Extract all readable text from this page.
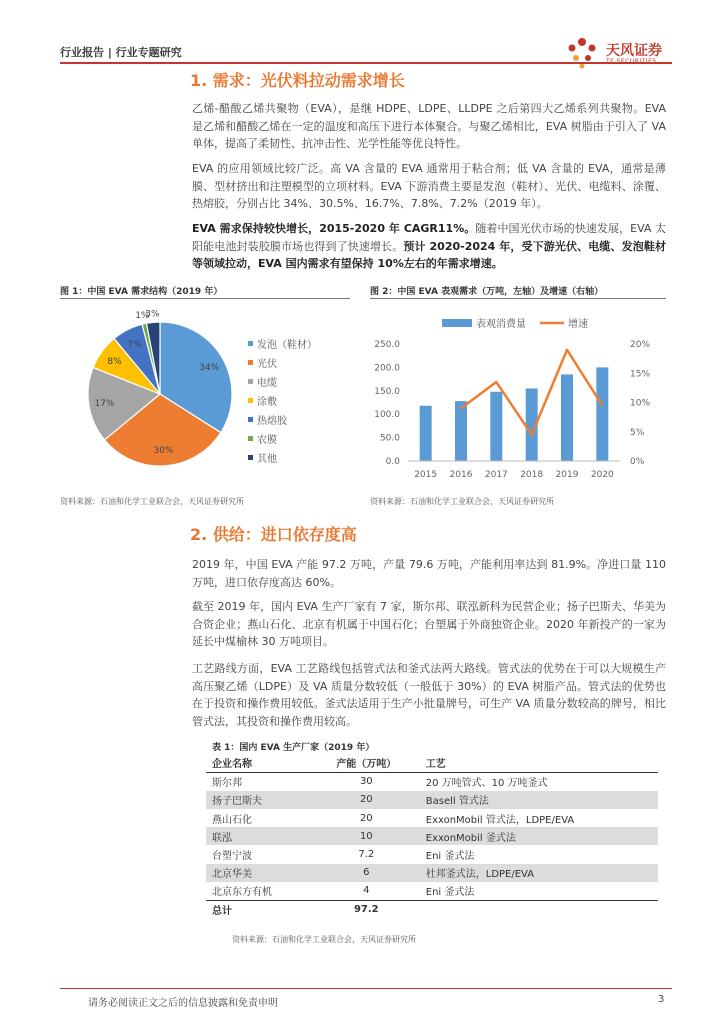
行业报告 | 行业专题研究	天风证券
1. 需求：光伏料拉动需求增长
乙烯-醋酸乙烯共聚物（EVA），是继 HDPE、LDPE、LLDPE 之后第四大乙烯系列共聚物。EVA 是乙烯和醋酸乙烯在一定的温度和高压下进行本体聚合。与聚乙烯相比，EVA 树脂由于引入了 VA 单体，提高了柔韧性、抗冲击性、光学性能等优良特性。
EVA 的应用领域比较广泛。高 VA 含量的 EVA 通常用于粘合剂；低 VA 含量的 EVA，通常是薄膜、型材挤出和注塑模型的立项材料。EVA 下游消费主要是发泡（鞋材）、光伏、电缆料、涂覆、热熔胶，分别占比 34%、30.5%、16.7%、7.8%、7.2%（2019 年）。
EVA 需求保持较快增长，2015-2020 年 CAGR11%。随着中国光伏市场的快速发展，EVA 太阳能电池封装胶膜市场也得到了快速增长。预计 2020-2024 年，受下游光伏、电缆、发泡鞋材等领域拉动，EVA 国内需求有望保持 10%左右的年需求增速。
图 1：中国 EVA 需求结构（2019 年）
34%
30%
17%
8%
7%
1%
3%
发泡（鞋材）
光伏
电缆
涂敷
热熔胶
农膜
其他
资料来源：石油和化学工业联合会，天风证券研究所
图 2：中国 EVA 表观需求（万吨，左轴）及增速（右轴）
表观消费量	增速
0.0
50.0
100.0
150.0
200.0
250.0
0%
5%
10%
15%
20%
2015 2016 2017 2018 2019 2020
资料来源：石油和化学工业联合会，天风证券研究所
2. 供给：进口依存度高
2019 年，中国 EVA 产能 97.2 万吨，产量 79.6 万吨，产能利用率达到 81.9%。净进口量 110 万吨，进口依存度高达 60%。
截至 2019 年，国内 EVA 生产厂家有 7 家，斯尔邦、联泓新科为民营企业；扬子巴斯夫、华美为合资企业；燕山石化、北京有机属于中国石化；台塑属于外商独资企业。2020 年新投产的一家为延长中煤榆林 30 万吨项目。
工艺路线方面，EVA 工艺路线包括管式法和釜式法两大路线。管式法的优势在于可以大规模生产高压聚乙烯（LDPE）及 VA 质量分数较低（一般低于 30%）的 EVA 树脂产品。管式法的优势也在于投资和操作费用较低。釜式法适用于生产小批量牌号，可生产 VA 质量分数较高的牌号，相比管式法，其投资和操作费用较高。
表 1：国内 EVA 生产厂家（2019 年）
企业名称	产能（万吨）	工艺
斯尔邦	30	20 万吨管式、10 万吨釜式
扬子巴斯夫	20	Basell 管式法
燕山石化	20	ExxonMobil 管式法，LDPE/EVA
联泓	10	ExxonMobil 釜式法
台塑宁波	7.2	Eni 釜式法
北京华美	6	杜邦釜式法，LDPE/EVA
北京东方有机	4	Eni 釜式法
总计	97.2	
资料来源：石油和化学工业联合会，天风证券研究所
请务必阅读正文之后的信息披露和免责申明	3
